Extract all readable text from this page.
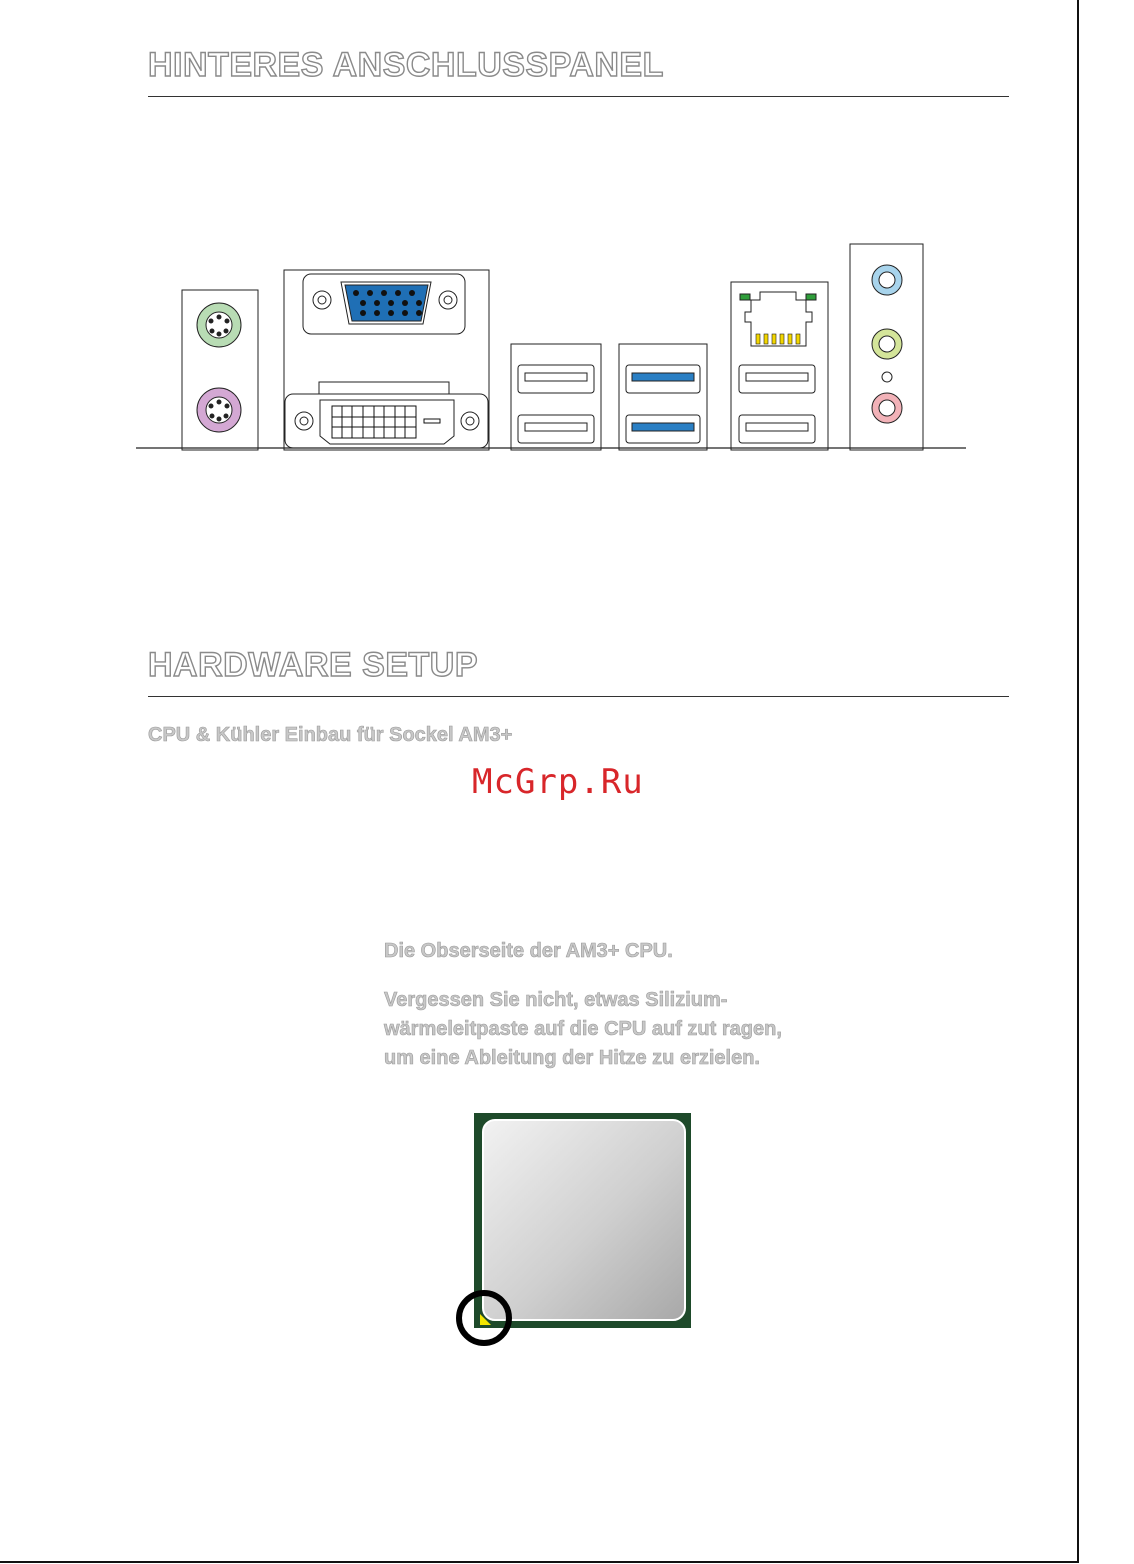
HINTERES ANSCHLUSSPANEL
HARDWARE SETUP
CPU & Kühler Einbau für Sockel AM3+
McGrp.Ru

Die Obserseite der AM3+ CPU.

Vergessen Sie nicht, etwas Silizium-wärmeleitpaste auf die CPU auf zut ragen, um eine Ableitung der Hitze zu erzielen.
